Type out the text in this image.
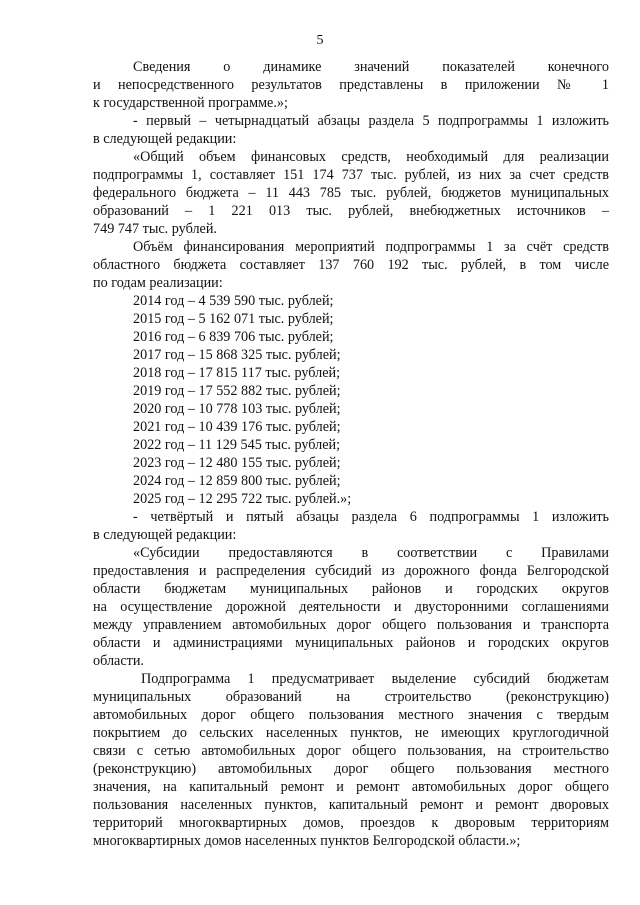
5
Сведения о динамике значений показателей конечного
и непосредственного результатов представлены в приложении № 1
к государственной программе.»;
- первый – четырнадцатый абзацы раздела 5 подпрограммы 1 изложить
в следующей редакции:
«Общий объем финансовых средств, необходимый для реализации
подпрограммы 1, составляет 151 174 737 тыс. рублей, из них за счет средств
федерального бюджета – 11 443 785 тыс. рублей, бюджетов муниципальных
образований – 1 221 013 тыс. рублей, внебюджетных источников –
749 747 тыс. рублей.
Объём финансирования мероприятий подпрограммы 1 за счёт средств
областного бюджета составляет 137 760 192 тыс. рублей, в том числе
по годам реализации:
2014 год – 4 539 590 тыс. рублей;
2015 год – 5 162 071 тыс. рублей;
2016 год – 6 839 706 тыс. рублей;
2017 год – 15 868 325 тыс. рублей;
2018 год – 17 815 117 тыс. рублей;
2019 год – 17 552 882 тыс. рублей;
2020 год – 10 778 103 тыс. рублей;
2021 год – 10 439 176 тыс. рублей;
2022 год – 11 129 545 тыс. рублей;
2023 год – 12 480 155 тыс. рублей;
2024 год – 12 859 800 тыс. рублей;
2025 год – 12 295 722 тыс. рублей.»;
- четвёртый и пятый абзацы раздела 6 подпрограммы 1 изложить
в следующей редакции:
«Субсидии предоставляются в соответствии с Правилами
предоставления и распределения субсидий из дорожного фонда Белгородской
области бюджетам муниципальных районов и городских округов
на осуществление дорожной деятельности и двусторонними соглашениями
между управлением автомобильных дорог общего пользования и транспорта
области и администрациями муниципальных районов и городских округов
области.
Подпрограмма 1 предусматривает выделение субсидий бюджетам
муниципальных образований на строительство (реконструкцию)
автомобильных дорог общего пользования местного значения с твердым
покрытием до сельских населенных пунктов, не имеющих круглогодичной
связи с сетью автомобильных дорог общего пользования, на строительство
(реконструкцию) автомобильных дорог общего пользования местного
значения, на капитальный ремонт и ремонт автомобильных дорог общего
пользования населенных пунктов, капитальный ремонт и ремонт дворовых
территорий многоквартирных домов, проездов к дворовым территориям
многоквартирных домов населенных пунктов Белгородской области.»;
